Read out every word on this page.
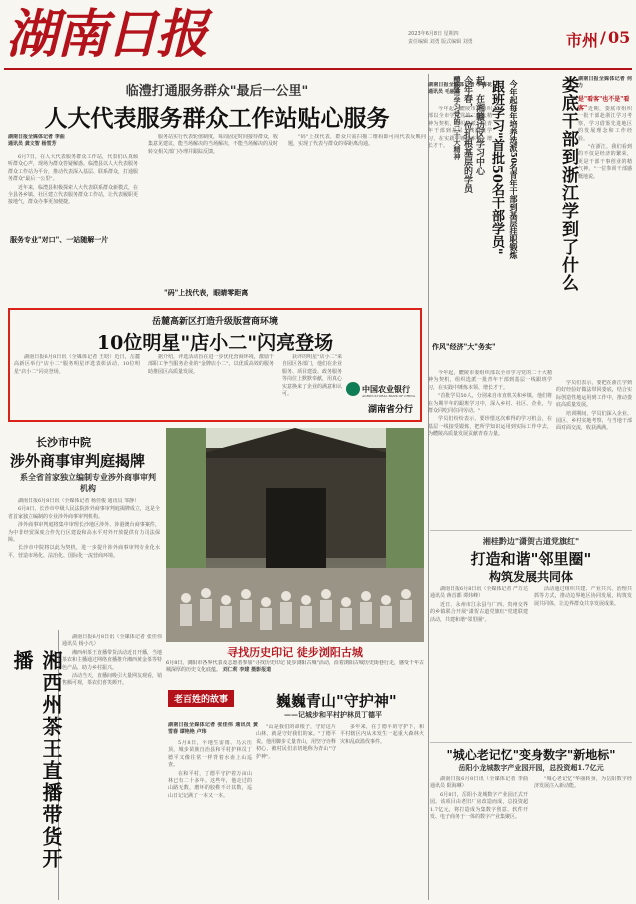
湖南日报	2023年6月8日 星期四
责任编辑 刘勇 版式编辑 刘勇	市州 / 05
临澧打通服务群众"最后一公里"
人大代表服务群众工作站贴心服务
湖南日报全媒体记者 李曲
通讯员 龚文智 杨雪芳

6月7日，在人大代表服务群众工作站，代表们认真倾听群众心声，现场为群众答疑解惑。临澧县以人大代表服务群众工作站为平台，推动代表深入基层、联系群众，打通服务群众"最后一公里"。

近年来，临澧县积极探索人大代表联系群众新模式，在全县各乡镇、社区建立代表服务群众工作站，让代表履职更接地气，群众办事更加便捷。

服务专业"对口"、一站随解一片

服务站实行代表轮值制度，每周固定时间接待群众，收集意见建议，能当场解决的当场解决，不能当场解决的及时转交相关部门办理并跟踪反馈。

"码"上找代表，眼睛零距离

"码"上找代表，群众只需扫描二维码即可向代表反映问题，实现了代表与群众的零距离沟通。

岳麓高新区打造升级版营商环境
10位明星"店小二"闪亮登场

湖南日报6月8日讯（全媒体记者 王晗）近日，岳麓高新区举行"店小二"服务明星评选表彰活动，10位明星"店小二"闪亮登场。

据介绍，评选活动旨在进一步优化营商环境，激励干部职工争当服务企业的"金牌店小二"，以优质高效的服务助推园区高质量发展。

获评的明星"店小二"来自园区各部门，他们在企业服务、项目建设、政务服务等岗位上默默奉献，用真心实意换来了企业的满意和认可。

中国农业银行
AGRICULTURAL BANK OF CHINA
湖南省分行
长沙市中院
涉外商事审判庭揭牌
系全省首家独立编制专业涉外商事审判机构

湖南日报6月8日讯（全媒体记者 杨佳俊 通讯员 邹静）

6月8日，长沙市中级人民法院涉外商事审判庭揭牌成立，这是全省首家独立编制的专业涉外商事审判机构。

涉外商事审判庭将集中审理长沙地区涉外、涉港澳台商事案件，为中非经贸深度合作先行区建设和高水平对外开放提供有力司法保障。

长沙市中院将以此为契机，进一步提升涉外商事审判专业化水平，营造市场化、法治化、国际化一流营商环境。

寻找历史印记 徒步浏阳古城
6月8日，浏阳市各界代表及志愿者参加"寻找历史印记 徒步浏阳古城"活动，沿着浏阳古城历史街巷行走，感受千年古城深厚的历史文化底蕴。 刘仁莉 李建 摄影报道
湘西州茶王直播带货开播

湖南日报6月8日讯（全媒体记者 张佳伟 通讯员 杨小凡）

湘西州茶王直播带货活动近日开播，当地茶农和主播通过网络直播推介湘西黄金茶等特色产品，助力乡村振兴。

活动当天，直播间吸引大量网友观看，销售额可观，茶农们喜笑颜开。

老百姓的故事	巍巍青山"守护神"
——记城步和平村护林员丁德平
湖南日报全媒体记者 张佳伟 通讯员 黄雪春 谭艳艳 卢玮

5月8日，平地生雷雨、乌云压顶，城步苗族自治县和平村护林员丁德平又像往常一样背着水壶上山巡查。

在和平村，丁德平守护着万亩山林已有二十多年。这些年，他走过的山路无数，磨坏的胶鞋不计其数，巡山日记记满了一本又一本。

"山是我们的命根子，守好这片山林，就是守好我们的家。"丁德平说。他用脚步丈量青山，用坚守诠释初心，被村民们亲切地称为青山"守护神"。

多年来，在丁德平的守护下，和平村辖区内从未发生一起重大森林火灾和乱砍滥伐事件。

醴陵市学习党的二十大精神 今年春，一位扎根基层的学员 起，在湘赣边区学习中心 跟班学习"首批50名干部学员" 今年起每年培养选派50名青年干部到基层挂职锻炼
湖南日报全媒体记者 李梅花 通讯员 毛丽琳

今年起，醴陵市委组织部以全市学习党的二十大精神为契机，组织选派一批青年干部到基层一线跟班学习，在实践中锤炼本领、增长才干。

"首批学员50人，分别来自市直机关和乡镇，他们将在为期半年的跟班学习中，深入乡村、社区、企业，与群众同吃同住同劳动。"

学员们纷纷表示，要珍惜这次难得的学习机会，在基层一线接受锻炼，把所学知识运用到实际工作中去，为醴陵高质量发展贡献青春力量。

今年起，醴陵市委组织部以全市学习党的二十大精神为契机，组织选派一批青年干部到基层一线跟班学习，在实践中锤炼本领、增长才干。

作风"经济"大"务实"
娄底干部到浙江学到了什么 湖南日报全媒体记者 何力
是"看客"也不是"看客" 近期，娄底市组织一批干部赴浙江学习考察，学习借鉴先进地区的发展理念和工作经验。

"在浙江，我们看到的不仅是经济的繁荣，更是干部干事创业的精气神。"一位参训干部感慨地说。

学员们表示，要把在浙江学到的好经验好做法带回娄底，结合实际创造性地运用到工作中，推动娄底高质量发展。

培训期间，学员们深入企业、园区、乡村实地考察，与当地干部面对面交流，收获满满。

湘桂黔边"潇贺古道党旗红"
打造和谐"邻里圈"
构筑发展共同体

湖南日报6月8日讯（全媒体记者 严万达 通讯员 蒋首都 谭炜峰）

近日，永州市江永县与广西、贵州交界的乡镇联合开展"潇贺古道党旗红"党建联建活动，共建和谐"邻里圈"。

活动通过组织共建、产业共兴、治理共抓等方式，推动边界地区协同发展，构筑发展共同体，让边界群众共享发展成果。

"城心老记忆"变身数字"新地标"
岳阳小龙城数字产业园开园，总投资超1.7亿元

湖南日报6月8日讯（全媒体记者 李曲 通讯员 阳海琳）

6月8日，岳阳小龙城数字产业园正式开园。该项目由老旧厂房改造而成，总投资超1.7亿元，将打造成为集数字创意、软件开发、电子商务于一体的数字产业集聚区。

"城心老记忆"华丽转身，为岳阳数字经济发展注入新动能。
